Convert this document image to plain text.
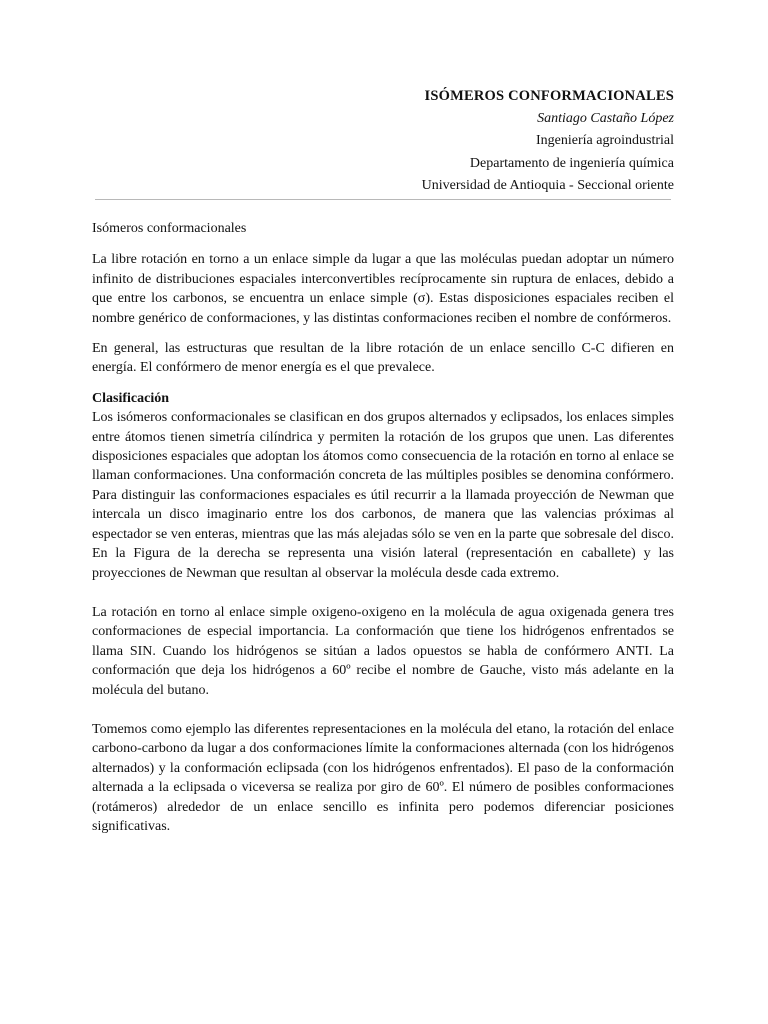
ISÓMEROS CONFORMACIONALES
Santiago Castaño López
Ingeniería agroindustrial
Departamento de ingeniería química
Universidad de Antioquia - Seccional oriente

Isómeros conformacionales

La libre rotación en torno a un enlace simple da lugar a que las moléculas puedan adoptar un número infinito de distribuciones espaciales interconvertibles recíprocamente sin ruptura de enlaces, debido a que entre los carbonos, se encuentra un enlace simple (σ). Estas disposiciones espaciales reciben el nombre genérico de conformaciones, y las distintas conformaciones reciben el nombre de confórmeros.

En general, las estructuras que resultan de la libre rotación de un enlace sencillo C-C difieren en energía. El confórmero de menor energía es el que prevalece.

Clasificación

Los isómeros conformacionales se clasifican en dos grupos alternados y eclipsados, los enlaces simples entre átomos tienen simetría cilíndrica y permiten la rotación de los grupos que unen. Las diferentes disposiciones espaciales que adoptan los átomos como consecuencia de la rotación en torno al enlace se llaman conformaciones. Una conformación concreta de las múltiples posibles se denomina confórmero. Para distinguir las conformaciones espaciales es útil recurrir a la llamada proyección de Newman que intercala un disco imaginario entre los dos carbonos, de manera que las valencias próximas al espectador se ven enteras, mientras que las más alejadas sólo se ven en la parte que sobresale del disco. En la Figura de la derecha se representa una visión lateral (representación en caballete) y las proyecciones de Newman que resultan al observar la molécula desde cada extremo.

La rotación en torno al enlace simple oxigeno-oxigeno en la molécula de agua oxigenada genera tres conformaciones de especial importancia. La conformación que tiene los hidrógenos enfrentados se llama SIN. Cuando los hidrógenos se sitúan a lados opuestos se habla de confórmero ANTI. La conformación que deja los hidrógenos a 60º recibe el nombre de Gauche, visto más adelante en la molécula del butano.

Tomemos como ejemplo las diferentes representaciones en la molécula del etano, la rotación del enlace carbono-carbono da lugar a dos conformaciones límite la conformaciones alternada (con los hidrógenos alternados) y la conformación eclipsada (con los hidrógenos enfrentados). El paso de la conformación alternada a la eclipsada o viceversa se realiza por giro de 60º. El número de posibles conformaciones (rotámeros) alrededor de un enlace sencillo es infinita pero podemos diferenciar posiciones significativas.
